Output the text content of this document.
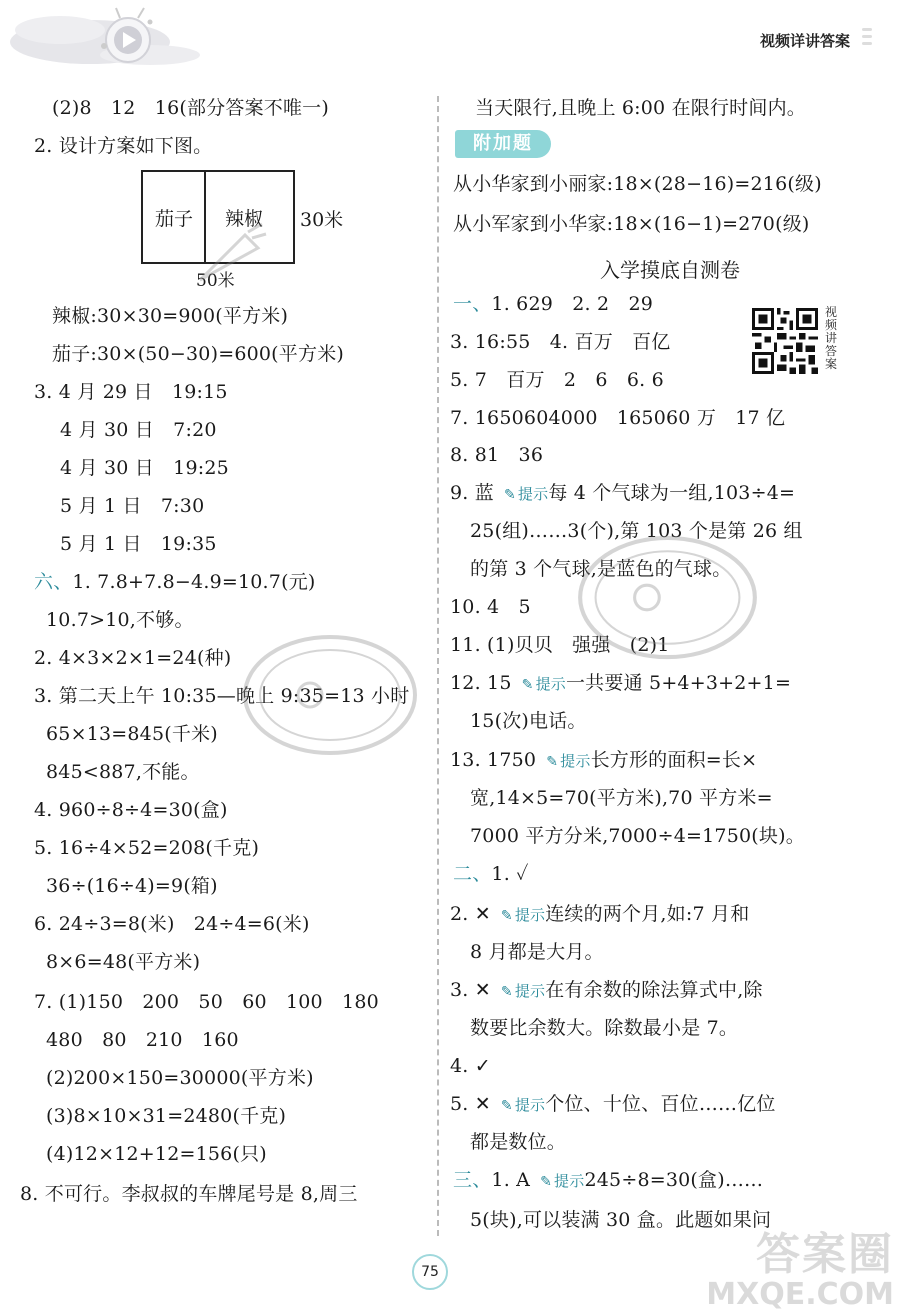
视频详讲答案
(2)8　12　16(部分答案不唯一)
2. 设计方案如下图。
茄子 辣椒 30米
50米
辣椒:30×30=900(平方米)
茄子:30×(50−30)=600(平方米)
3. 4 月 29 日　19:15
4 月 30 日　7:20
4 月 30 日　19:25
5 月 1 日　7:30
5 月 1 日　19:35
六、1. 7.8+7.8−4.9=10.7(元)
10.7>10,不够。
2. 4×3×2×1=24(种)
3. 第二天上午 10:35—晚上 9:35=13 小时
65×13=845(千米)
845<887,不能。
4. 960÷8÷4=30(盒)
5. 16÷4×52=208(千克)
36÷(16÷4)=9(箱)
6. 24÷3=8(米)　24÷4=6(米)
8×6=48(平方米)
7. (1)150　200　50　60　100　180
480　80　210　160
(2)200×150=30000(平方米)
(3)8×10×31=2480(千克)
(4)12×12+12=156(只)
8. 不可行。李叔叔的车牌尾号是 8,周三
当天限行,且晚上 6:00 在限行时间内。
附加题
从小华家到小丽家:18×(28−16)=216(级)
从小军家到小华家:18×(16−1)=270(级)
入学摸底自测卷
视频讲答案
一、1. 629　2. 2　29
3. 16:55　4. 百万　百亿
5. 7　百万　2　6　6. 6
7. 1650604000　165060 万　17 亿
8. 81　36
9. 蓝 ✎ 提示每 4 个气球为一组,103÷4=
25(组)……3(个),第 103 个是第 26 组
的第 3 个气球,是蓝色的气球。
10. 4　5
11. (1)贝贝　强强　(2)1
12. 15 ✎ 提示一共要通 5+4+3+2+1=
15(次)电话。
13. 1750 ✎ 提示长方形的面积=长×
宽,14×5=70(平方米),70 平方米=
7000 平方分米,7000÷4=1750(块)。
二、1. ✓
2. ✕ ✎ 提示连续的两个月,如:7 月和
8 月都是大月。
3. ✕ ✎ 提示在有余数的除法算式中,除
数要比余数大。除数最小是 7。
4. ✓
5. ✕ ✎ 提示个位、十位、百位……亿位
都是数位。
三、1. A ✎ 提示245÷8=30(盒)……
5(块),可以装满 30 盒。此题如果问
75	答案圈
MXQE.COM
